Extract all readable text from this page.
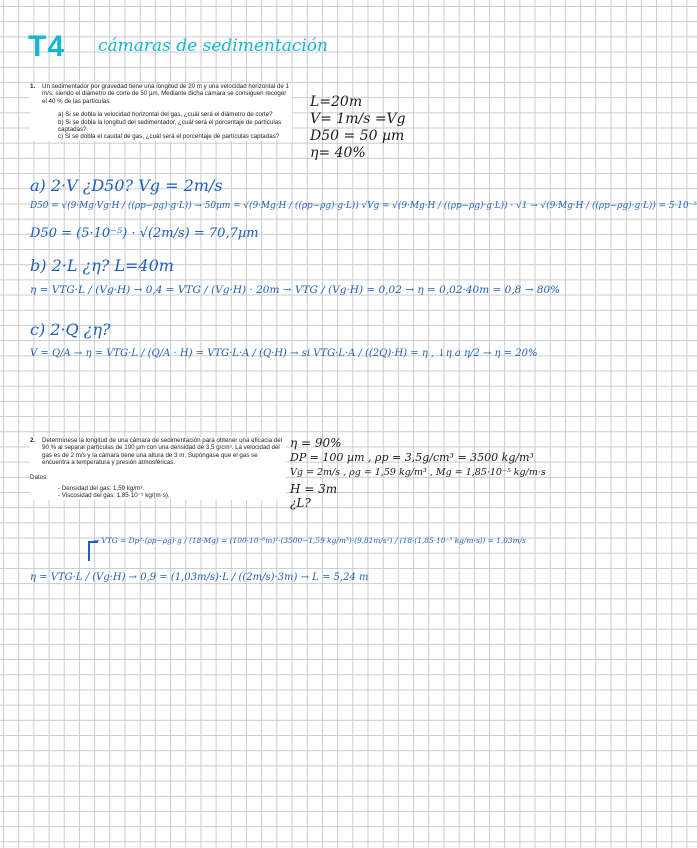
T4 cámaras de sedimentación
1.	Un sedimentador por gravedad tiene una longitud de 20 m y una velocidad horizontal de 1 m/s, siendo el diámetro de corte de 50 µm. Mediante dicha cámara se consiguen recoger el 40 % de las partículas.
a) Si se dobla la velocidad horizontal del gas, ¿cuál será el diámetro de corte?
b) Si se dobla la longitud del sedimentador, ¿cuál será el porcentaje de partículas captadas?
c) Si se dobla el caudal de gas, ¿cuál será el porcentaje de partículas captadas?
L=20m
V= 1m/s =Vg
D50 = 50 µm
η= 40%
a) 2·V ¿D50? Vg = 2m/s
D50 = √(9·Mg·Vg·H / ((ρp−ρg)·g·L)) → 50µm = √(9·Mg·H / ((ρp−ρg)·g·L)) √Vg = √(9·Mg·H / ((ρp−ρg)·g·L)) · √1 → √(9·Mg·H / ((ρp−ρg)·g·L)) = 5·10⁻⁵
D50 = (5·10⁻⁵) · √(2m/s) = 70,7µm
b) 2·L ¿η? L=40m
η = VTG·L / (Vg·H) → 0,4 = VTG / (Vg·H) · 20m → VTG / (Vg·H) = 0,02 → η = 0,02·40m = 0,8 → 80%
c) 2·Q ¿η?
V = Q/A → η = VTG·L / (Q/A · H) = VTG·L·A / (Q·H) → si VTG·L·A / ((2Q)·H) = η , ↓η a η/2 → η = 20%
2.	Determínese la longitud de una cámara de sedimentación para obtener una eficacia del 90 % al separar partículas de 100 µm con una densidad de 3,5 g/cm³. La velocidad del gas es de 2 m/s y la cámara tiene una altura de 3 m. Supóngase que el gas se encuentra a temperatura y presión atmosféricas.
Datos:
- Densidad del gas: 1,59 kg/m³.
- Viscosidad del gas: 1,85·10⁻⁵ kg/(m·s).
η = 90%
DP = 100 µm , ρp = 3,5g/cm³ = 3500 kg/m³
Vg = 2m/s , ρg = 1,59 kg/m³ , Mg = 1,85·10⁻⁵ kg/m·s
H = 3m
¿L?
→ VTG = Dp²·(ρp−ρg)·g / (18·Mg) = (100·10⁻⁶m)²·(3500−1,59 kg/m³)·(9,81m/s²) / (18·(1,85·10⁻⁵ kg/m·s)) = 1,03m/s
η = VTG·L / (Vg·H) → 0,9 = (1,03m/s)·L / ((2m/s)·3m) → L = 5,24 m
